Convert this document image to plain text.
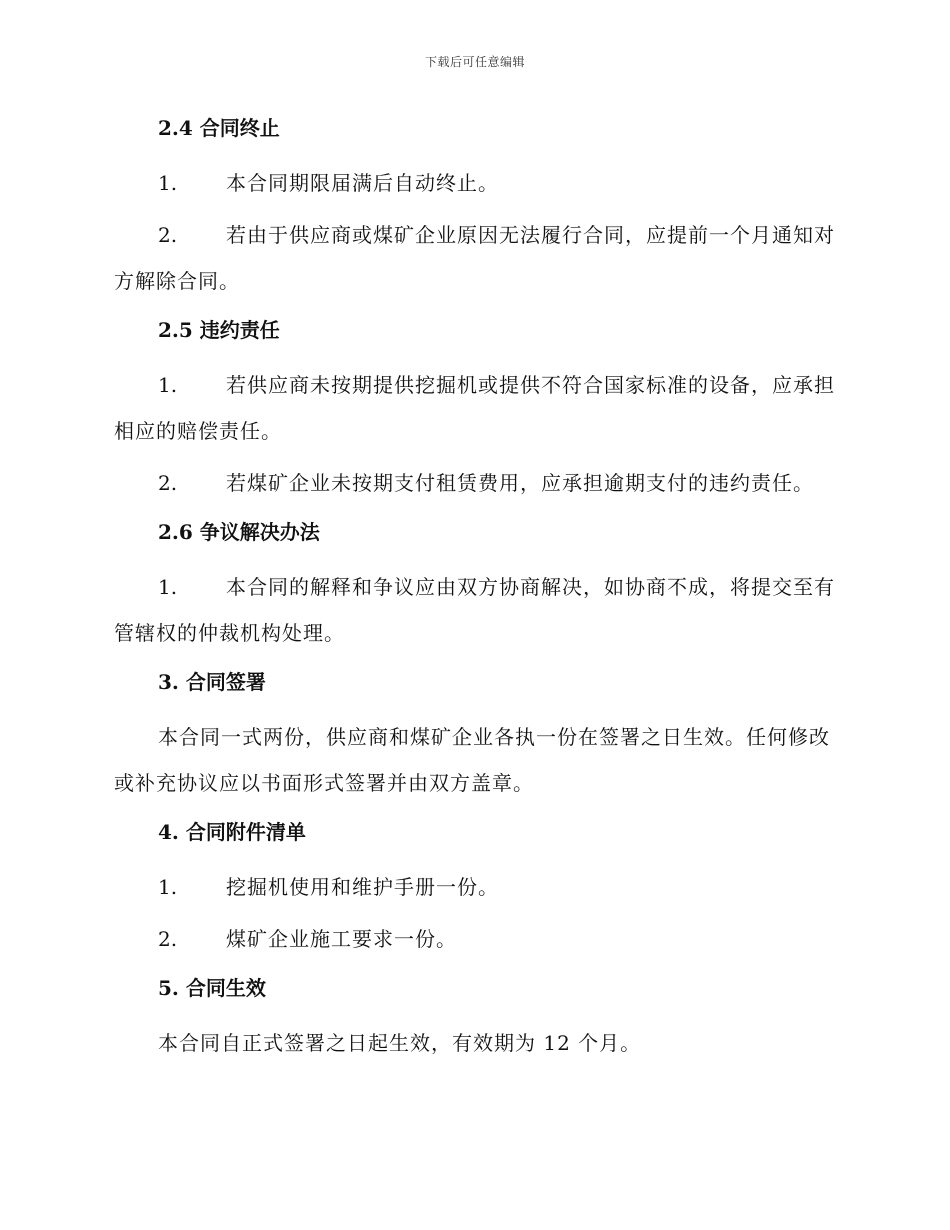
下载后可任意编辑
2.4 合同终止
1. 本合同期限届满后自动终止。
2. 若由于供应商或煤矿企业原因无法履行合同，应提前一个月通知对方解除合同。
2.5 违约责任
1. 若供应商未按期提供挖掘机或提供不符合国家标准的设备，应承担相应的赔偿责任。
2. 若煤矿企业未按期支付租赁费用，应承担逾期支付的违约责任。
2.6 争议解决办法
1. 本合同的解释和争议应由双方协商解决，如协商不成，将提交至有管辖权的仲裁机构处理。
3. 合同签署
本合同一式两份，供应商和煤矿企业各执一份在签署之日生效。任何修改或补充协议应以书面形式签署并由双方盖章。
4. 合同附件清单
1. 挖掘机使用和维护手册一份。
2. 煤矿企业施工要求一份。
5. 合同生效
本合同自正式签署之日起生效，有效期为 12 个月。
